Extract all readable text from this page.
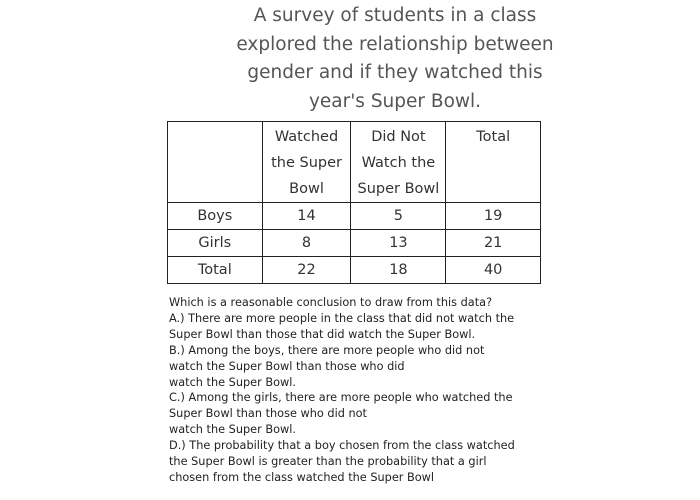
A survey of students in a class
explored the relationship between
gender and if they watched this
year's Super Bowl.

	Watched
the Super
Bowl	Did Not
Watch the
Super Bowl	Total

Boys	14	5	19
Girls	8	13	21
Total	22	18	40
Which is a reasonable conclusion to draw from this data?
A.) There are more people in the class that did not watch the
Super Bowl than those that did watch the Super Bowl.
B.) Among the boys, there are more people who did not
watch the Super Bowl than those who did
watch the Super Bowl.
C.) Among the girls, there are more people who watched the
Super Bowl than those who did not
watch the Super Bowl.
D.) The probability that a boy chosen from the class watched
the Super Bowl is greater than the probability that a girl
chosen from the class watched the Super Bowl
